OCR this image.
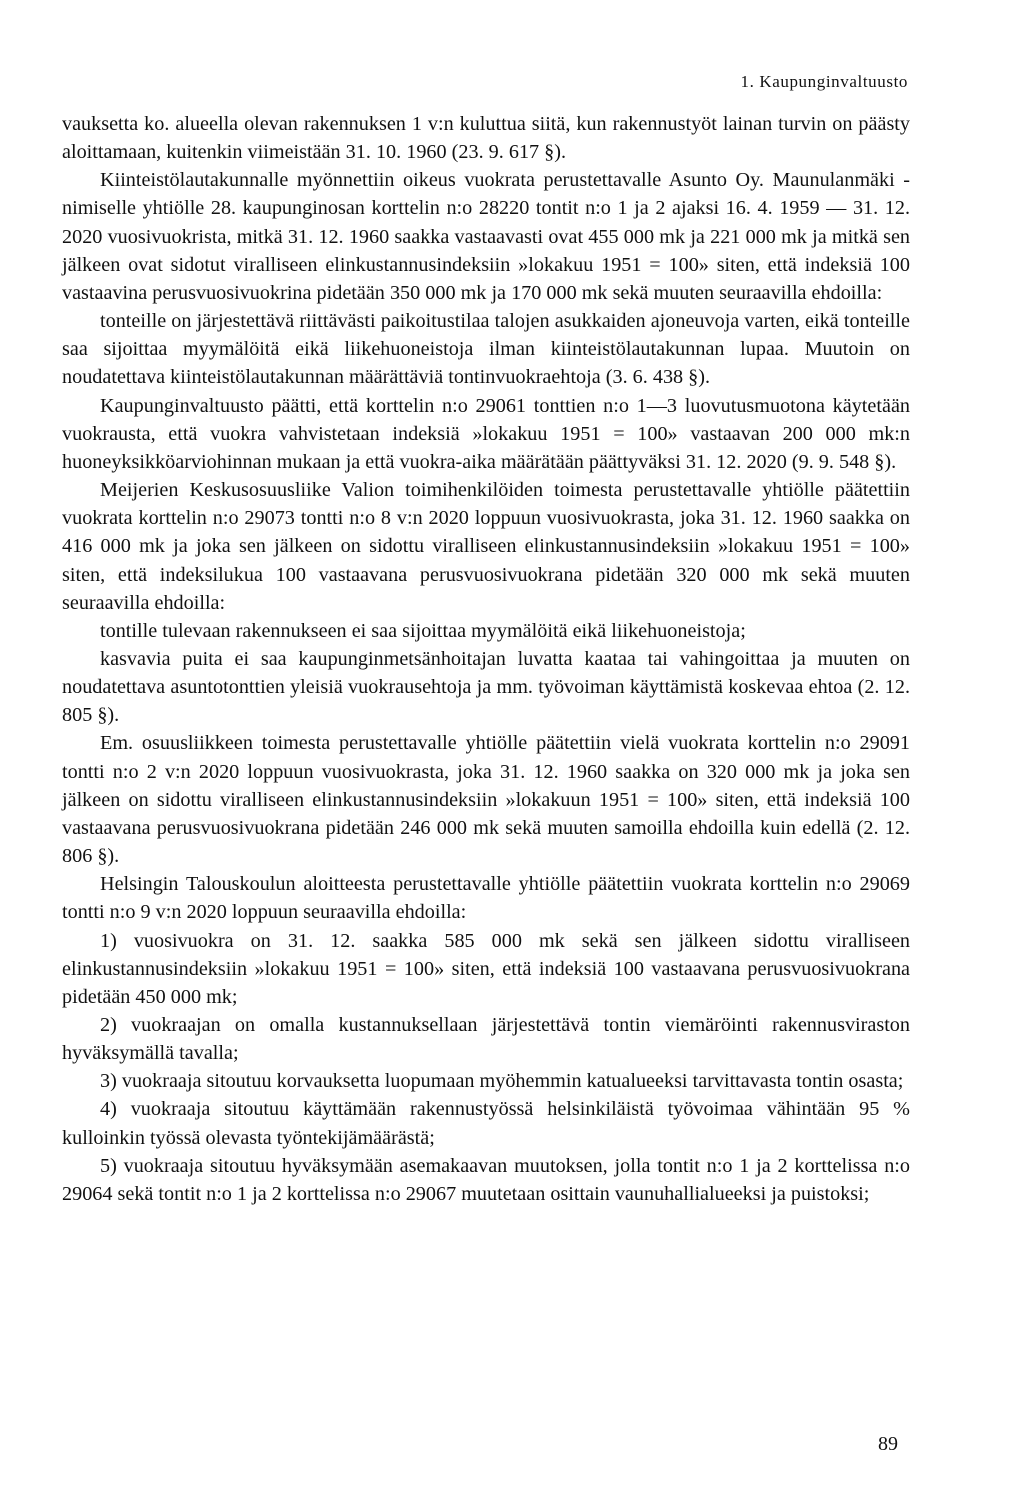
1. Kaupunginvaltuusto

vauksetta ko. alueella olevan rakennuksen 1 v:n kuluttua siitä, kun rakennustyöt lainan turvin on päästy aloittamaan, kuitenkin viimeistään 31. 10. 1960 (23. 9. 617 §).

Kiinteistölautakunnalle myönnettiin oikeus vuokrata perustettavalle Asunto Oy. Maunulanmäki -nimiselle yhtiölle 28. kaupunginosan korttelin n:o 28220 tontit n:o 1 ja 2 ajaksi 16. 4. 1959 — 31. 12. 2020 vuosivuokrista, mitkä 31. 12. 1960 saakka vastaavasti ovat 455 000 mk ja 221 000 mk ja mitkä sen jälkeen ovat sidotut viralliseen elinkustannusindeksiin »lokakuu 1951 = 100» siten, että indeksiä 100 vastaavina perusvuosivuokrina pidetään 350 000 mk ja 170 000 mk sekä muuten seuraavilla ehdoilla:

tonteille on järjestettävä riittävästi paikoitustilaa talojen asukkaiden ajoneuvoja varten, eikä tonteille saa sijoittaa myymälöitä eikä liikehuoneistoja ilman kiinteistölautakunnan lupaa. Muutoin on noudatettava kiinteistölautakunnan määrättäviä tontinvuokraehtoja (3. 6. 438 §).

Kaupunginvaltuusto päätti, että korttelin n:o 29061 tonttien n:o 1—3 luovutusmuotona käytetään vuokrausta, että vuokra vahvistetaan indeksiä »lokakuu 1951 = 100» vastaavan 200 000 mk:n huoneyksikköarviohinnan mukaan ja että vuokra-aika määrätään päättyväksi 31. 12. 2020 (9. 9. 548 §).

Meijerien Keskusosuusliike Valion toimihenkilöiden toimesta perustettavalle yhtiölle päätettiin vuokrata korttelin n:o 29073 tontti n:o 8 v:n 2020 loppuun vuosivuokrasta, joka 31. 12. 1960 saakka on 416 000 mk ja joka sen jälkeen on sidottu viralliseen elinkustannusindeksiin »lokakuu 1951 = 100» siten, että indeksilukua 100 vastaavana perusvuosivuokrana pidetään 320 000 mk sekä muuten seuraavilla ehdoilla:

tontille tulevaan rakennukseen ei saa sijoittaa myymälöitä eikä liikehuoneistoja;

kasvavia puita ei saa kaupunginmetsänhoitajan luvatta kaataa tai vahingoittaa ja muuten on noudatettava asuntotonttien yleisiä vuokrausehtoja ja mm. työvoiman käyttämistä koskevaa ehtoa (2. 12. 805 §).

Em. osuusliikkeen toimesta perustettavalle yhtiölle päätettiin vielä vuokrata korttelin n:o 29091 tontti n:o 2 v:n 2020 loppuun vuosivuokrasta, joka 31. 12. 1960 saakka on 320 000 mk ja joka sen jälkeen on sidottu viralliseen elinkustannusindeksiin »lokakuun 1951 = 100» siten, että indeksiä 100 vastaavana perusvuosivuokrana pidetään 246 000 mk sekä muuten samoilla ehdoilla kuin edellä (2. 12. 806 §).

Helsingin Talouskoulun aloitteesta perustettavalle yhtiölle päätettiin vuokrata korttelin n:o 29069 tontti n:o 9 v:n 2020 loppuun seuraavilla ehdoilla:

1) vuosivuokra on 31. 12. saakka 585 000 mk sekä sen jälkeen sidottu viralliseen elinkustannusindeksiin »lokakuu 1951 = 100» siten, että indeksiä 100 vastaavana perusvuosivuokrana pidetään 450 000 mk;

2) vuokraajan on omalla kustannuksellaan järjestettävä tontin viemäröinti rakennusviraston hyväksymällä tavalla;

3) vuokraaja sitoutuu korvauksetta luopumaan myöhemmin katualueeksi tarvittavasta tontin osasta;

4) vuokraaja sitoutuu käyttämään rakennustyössä helsinkiläistä työvoimaa vähintään 95 % kulloinkin työssä olevasta työntekijämäärästä;

5) vuokraaja sitoutuu hyväksymään asemakaavan muutoksen, jolla tontit n:o 1 ja 2 korttelissa n:o 29064 sekä tontit n:o 1 ja 2 korttelissa n:o 29067 muutetaan osittain vaunuhallialueeksi ja puistoksi;

89
